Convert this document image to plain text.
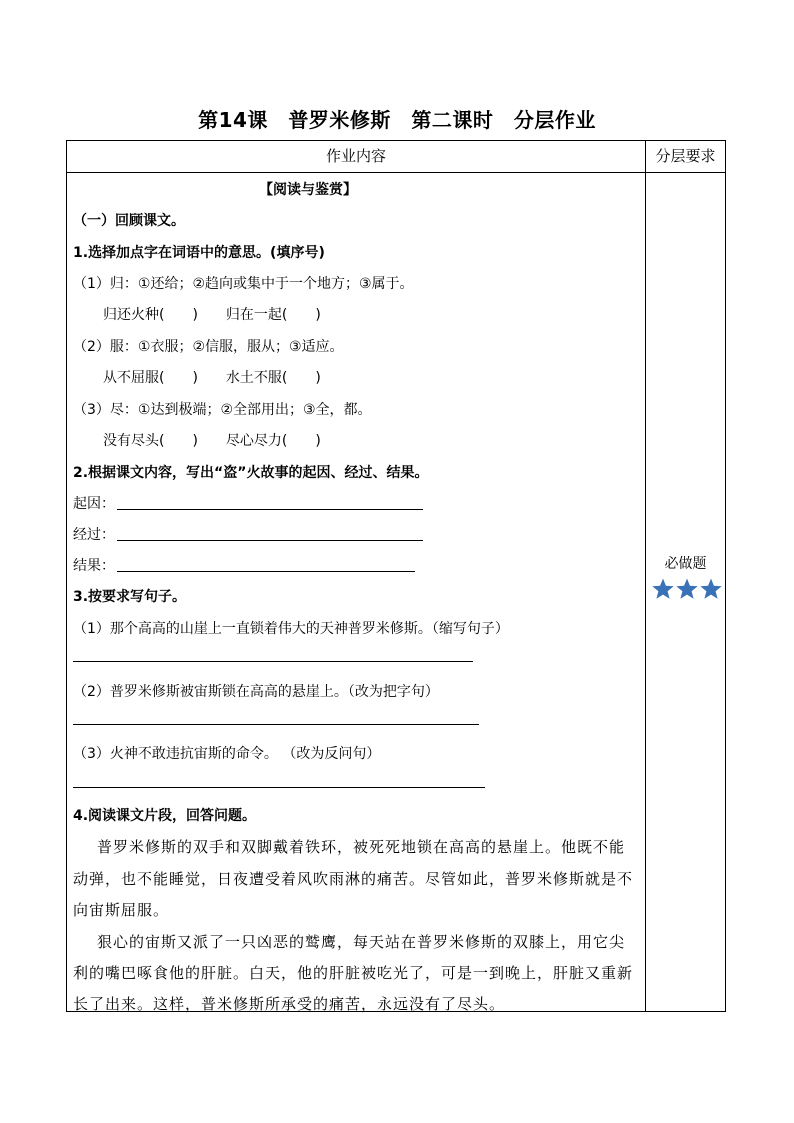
第14课　普罗米修斯　第二课时　分层作业
作业内容	分层要求
【阅读与鉴赏】
（一）回顾课文。
1.选择加点字在词语中的意思。(填序号)
（1）归：①还给；②趋向或集中于一个地方；③属于。
归还火种(　　)　　归在一起(　　)
（2）服：①衣服；②信服，服从；③适应。
从不屈服(　　)　　水土不服(　　)
（3）尽：①达到极端；②全部用出；③全，都。
没有尽头(　　)　　尽心尽力(　　)
2.根据课文内容，写出“盗”火故事的起因、经过、结果。
起因：
经过：
结果：
3.按要求写句子。
（1）那个高高的山崖上一直锁着伟大的天神普罗米修斯。（缩写句子）
（2）普罗米修斯被宙斯锁在高高的悬崖上。（改为把字句）
（3）火神不敢违抗宙斯的命令。 （改为反问句）
4.阅读课文片段，回答问题。
普罗米修斯的双手和双脚戴着铁环，被死死地锁在高高的悬崖上。他既不能
动弹，也不能睡觉，日夜遭受着风吹雨淋的痛苦。尽管如此，普罗米修斯就是不
向宙斯屈服。
狠心的宙斯又派了一只凶恶的鹫鹰，每天站在普罗米修斯的双膝上，用它尖
利的嘴巴啄食他的肝脏。白天，他的肝脏被吃光了，可是一到晚上，肝脏又重新
长了出来。这样，普米修斯所承受的痛苦，永远没有了尽头。
必做题
